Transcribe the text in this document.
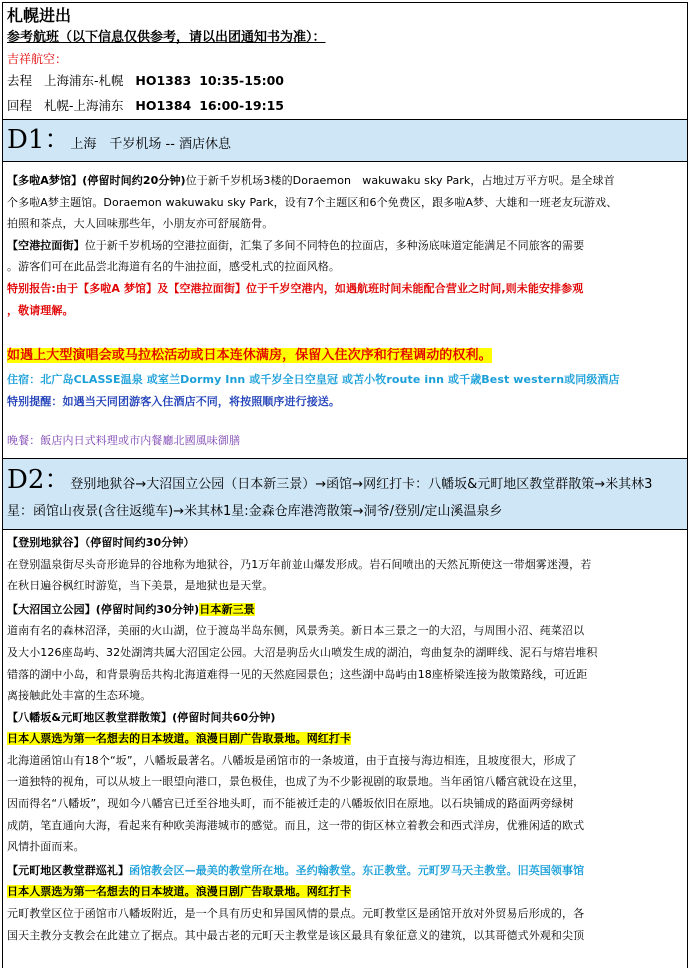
札幌进出
参考航班（以下信息仅供参考，请以出团通知书为准）：
吉祥航空：
去程 上海浦东-札幌 HO1383 10:35-15:00
回程 札幌-上海浦东 HO1384 16:00-19:15
D1：上海　千岁机场 -- 酒店休息
【多啦A梦馆】(停留时间约20分钟)位于新千岁机场3楼的Doraemon　wakuwaku sky Park，占地过万平方呎。是全球首
个多啦A梦主题馆。Doraemon wakuwaku sky Park，设有7个主题区和6个免费区，跟多啦A梦、大雄和一班老友玩游戏、
拍照和茶点，大人回味那些年，小朋友亦可舒展筋骨。
【空港拉面街】位于新千岁机场的空港拉面街，汇集了多间不同特色的拉面店，多种汤底味道定能满足不同旅客的需要
。游客们可在此品尝北海道有名的牛油拉面，感受札式的拉面风格。
特别报告:由于【多啦A 梦馆】及【空港拉面街】位于千岁空港内，如遇航班时间未能配合营业之时间,则未能安排参观
，敬请理解。
如遇上大型演唱会或马拉松活动或日本连休满房，保留入住次序和行程调动的权利。
住宿：北广岛CLASSE温泉 或室兰Dormy Inn 或千岁全日空皇冠 或苫小牧route inn 或千歳Best western或同级酒店
特别提醒：如遇当天同团游客入住酒店不同，将按照顺序进行接送。
晚餐：飯店内日式料理或市内餐廳北國風味御膳
D2：登别地狱谷→大沼国立公园（日本新三景）→函馆→网红打卡：八幡坂&元町地区教堂群散策→米其林3
星：函馆山夜景(含往返缆车)→米其林1星:金森仓库港湾散策→洞爷/登别/定山溪温泉乡
【登别地狱谷】（停留时间约30分钟）
在登别温泉街尽头奇形诡异的谷地称为地狱谷，乃1万年前並山爆发形成。岩石间喷出的天然瓦斯使这一带烟雾迷漫，若
在秋日遍谷枫红时游览，当下美景，是地狱也是天堂。
【大沼国立公园】(停留时间约30分钟)日本新三景
道南有名的森林沼泽，美丽的火山湖，位于渡岛半岛东侧，风景秀美。新日本三景之一的大沼，与周围小沼、莼菜沼以
及大小126座岛屿、32处湖湾共属大沼国定公园。大沼是驹岳火山喷发生成的湖泊，弯曲复杂的湖畔线、泥石与熔岩堆积
错落的湖中小岛，和背景驹岳共构北海道难得一见的天然庭园景色；这些湖中岛屿由18座桥梁连接为散策路线，可近距
离接触此处丰富的生态环境。
【八幡坂&元町地区教堂群散策】(停留时间共60分钟)
日本人票选为第一名想去的日本坡道。浪漫日剧广告取景地。网红打卡
北海道函馆山有18个“坂”，八幡坂最著名。八幡坂是函馆市的一条坡道，由于直接与海边相连，且坡度很大，形成了
一道独特的视角，可以从坡上一眼望向港口，景色极佳，也成了为不少影视剧的取景地。当年函馆八幡宫就设在这里，
因而得名“八幡坂”，现如今八幡宫已迁至谷地头町，而不能被迁走的八幡坂依旧在原地。以石块铺成的路面两旁绿树
成荫，笔直通向大海，看起来有种欧美海港城市的感觉。而且，这一带的街区林立着教会和西式洋房，优雅闲适的欧式
风情扑面而来。
【元町地区教堂群巡礼】函馆教会区—最美的教堂所在地。圣约翰教堂。东正教堂。元町罗马天主教堂。旧英国领事馆
日本人票选为第一名想去的日本坡道。浪漫日剧广告取景地。网红打卡
元町教堂区位于函馆市八幡坂附近，是一个具有历史和异国风情的景点。元町教堂区是函馆开放对外贸易后形成的，各
国天主教分支教会在此建立了据点。其中最古老的元町天主教堂是该区最具有象征意义的建筑，以其哥德式外观和尖顶
